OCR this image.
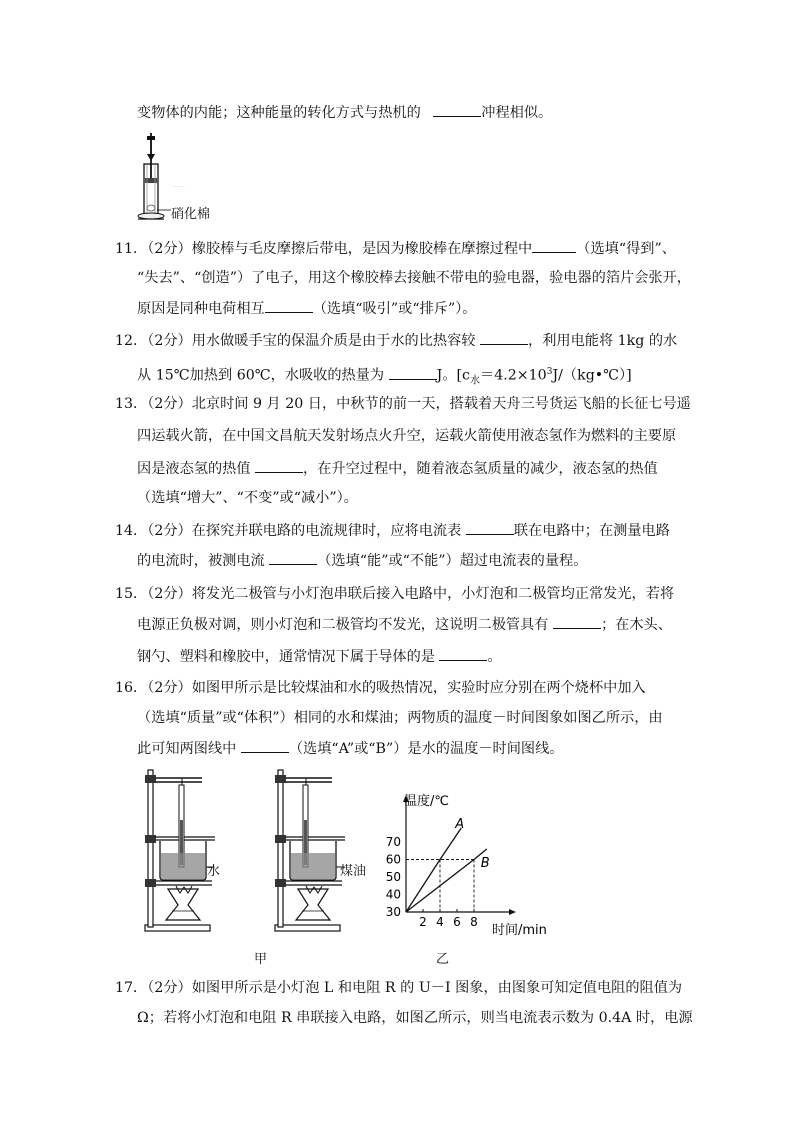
变物体的内能；这种能量的转化方式与热机的	冲程相似。
·——
硝化棉
11．（2分）橡胶棒与毛皮摩擦后带电，是因为橡胶棒在摩擦过程中	（选填“得到”、
“失去”、“创造”）了电子，用这个橡胶棒去接触不带电的验电器，验电器的箔片会张开，
原因是同种电荷相互	（选填“吸引”或“排斥”）。
12．（2分）用水做暖手宝的保温介质是由于水的比热容较	，利用电能将 1kg 的水
从 15℃加热到 60℃，水吸收的热量为	J。$[c_水=4.2\times 10^3J/(kg•℃)]$
13．（2分）北京时间 9 月 20 日，中秋节的前一天，搭载着天舟三号货运飞船的长征七号遥
四运载火箭，在中国文昌航天发射场点火升空，运载火箭使用液态氢作为燃料的主要原
因是液态氢的热值	，在升空过程中，随着液态氢质量的减少，液态氢的热值
（选填“增大”、“不变”或“减小”）。
14．（2分）在探究并联电路的电流规律时，应将电流表	联在电路中；在测量电路
的电流时，被测电流	（选填“能”或“不能”）超过电流表的量程。
15．（2分）将发光二极管与小灯泡串联后接入电路中，小灯泡和二极管均正常发光，若将
电源正负极对调，则小灯泡和二极管均不发光，这说明二极管具有	；在木头、
钢勺、塑料和橡胶中，通常情况下属于导体的是	。
16．（2分）如图甲所示是比较煤油和水的吸热情况，实验时应分别在两个烧杯中加入
（选填“质量”或“体积”）相同的水和煤油；两物质的温度－时间图象如图乙所示，由
此可知两图线中	（选填“A”或“B”）是水的温度－时间图线。
水	煤油
甲	乙
温度/℃
时间/min
30
40
50
60
70
2 4 6 8
A
B
17．（2分）如图甲所示是小灯泡 L 和电阻 R 的 U－I 图象，由图象可知定值电阻的阻值为
Ω；若将小灯泡和电阻 R 串联接入电路，如图乙所示，则当电流表示数为 0.4A 时，电源
